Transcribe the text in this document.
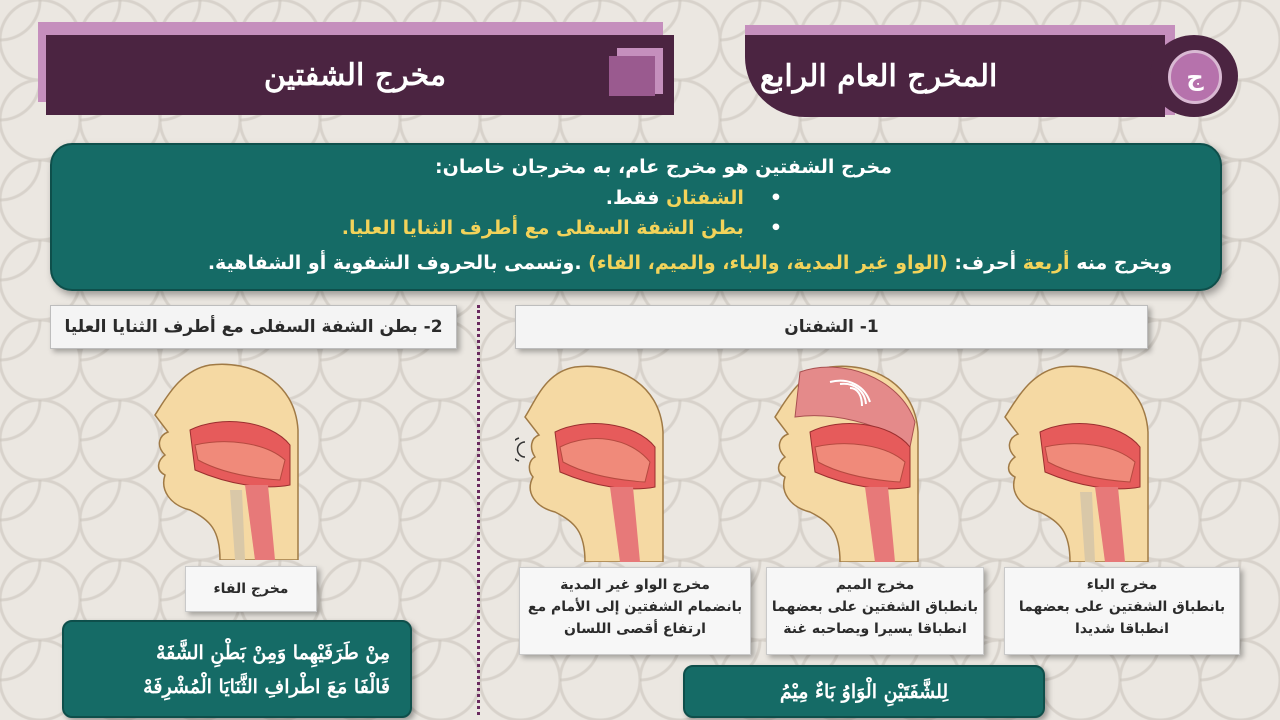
المخرج العام الرابع	ج
مخرج الشفتين
مخرج الشفتين هو مخرج عام، به مخرجان خاصان:
•الشفتان فقط.
•بطن الشفة السفلى مع أطرف الثنايا العليا.
ويخرج منه أربعة أحرف: (الواو غير المدية، والباء، والميم، الفاء) .وتسمى بالحروف الشفوية أو الشفاهية.
1- الشفتان
2- بطن الشفة السفلى مع أطرف الثنايا العليا
مخرج الباء
بانطباق الشفتين على بعضهما
انطباقا شديدا
مخرج الميم
بانطباق الشفتين على بعضهما
انطباقا يسيرا ويصاحبه غنة
مخرج الواو غير المدية
بانضمام الشفتين إلى الأمام مع
ارتفاع أقصى اللسان
مخرج الفاء
لِلشَّفَتَيْنِ الْوَاوُ بَاءٌ مِيْمُ
مِنْ طَرَفَيْهِما وَمِنْ بَطْنِ الشَّفَهْ
فَالْفَا مَعَ اطْرافِ الثَّنَايَا الْمُشْرِفَهْ
